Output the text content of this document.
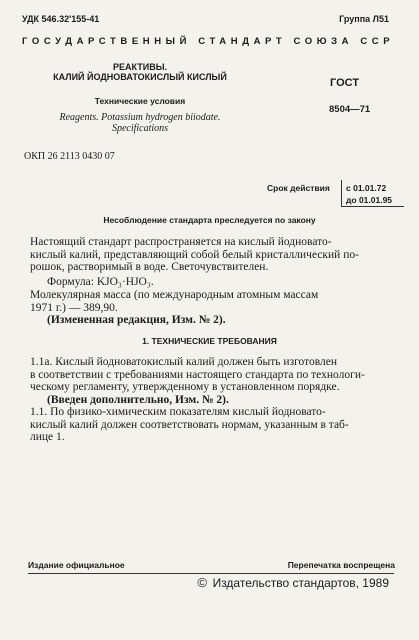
УДК 546.32'155-41	Группа Л51
ГОСУДАРСТВЕННЫЙ СТАНДАРТ СОЮЗА ССР
РЕАКТИВЫ.
КАЛИЙ ЙОДНОВАТОКИСЛЫЙ КИСЛЫЙ	ГОСТ
Технические условия
8504—71
Reagents. Potassium hydrogen biiodate.
Specifications
ОКП 26 2113 0430 07
Срок действия с 01.01.72
до 01.01.95
Несоблюдение стандарта преследуется по закону
Настоящий стандарт распространяется на кислый йодновато-
кислый калий, представляющий собой белый кристаллический по-
рошок, растворимый в воде. Светочувствителен.
Формула: KJO₃·HJO₃.
Молекулярная масса (по международным атомным массам
1971 г.) — 389,90.
(Измененная редакция, Изм. № 2).
1. ТЕХНИЧЕСКИЕ ТРЕБОВАНИЯ
1.1а. Кислый йодноватокислый калий должен быть изготовлен
в соответствии с требованиями настоящего стандарта по технологи-
ческому регламенту, утвержденному в установленном порядке.
(Введен дополнительно, Изм. № 2).
1.1. По физико-химическим показателям кислый йодновато-
кислый калий должен соответствовать нормам, указанным в таб-
лице 1.
Издание официальное	Перепечатка воспрещена
© Издательство стандартов, 1989
